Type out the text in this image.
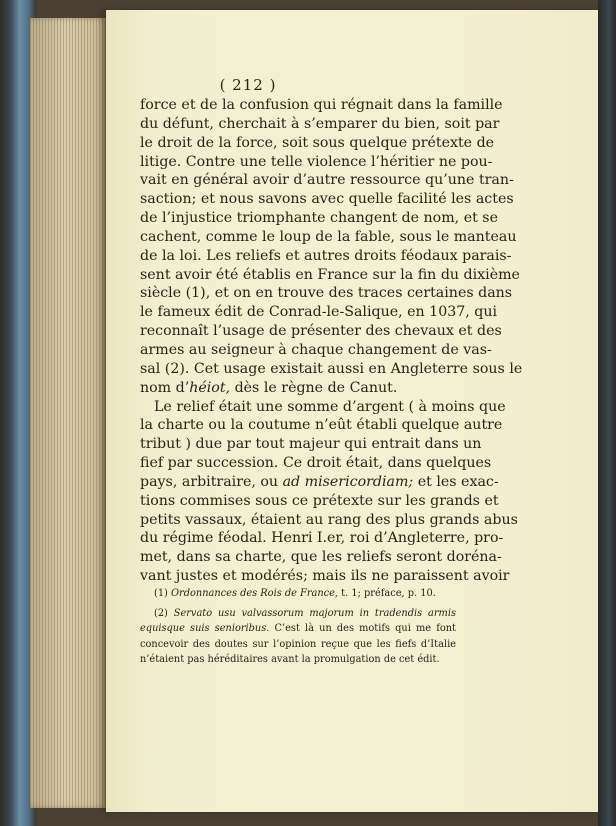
( 212 )
force et de la confusion qui régnait dans la famille
du défunt, cherchait à s’emparer du bien, soit par
le droit de la force, soit sous quelque prétexte de
litige. Contre une telle violence l’héritier ne pou-
vait en général avoir d’autre ressource qu’une tran-
saction; et nous savons avec quelle facilité les actes
de l’injustice triomphante changent de nom, et se
cachent, comme le loup de la fable, sous le manteau
de la loi. Les reliefs et autres droits féodaux parais-
sent avoir été établis en France sur la fin du dixième
siècle (1), et on en trouve des traces certaines dans
le fameux édit de Conrad-le-Salique, en 1037, qui
reconnaît l’usage de présenter des chevaux et des
armes au seigneur à chaque changement de vas-
sal (2). Cet usage existait aussi en Angleterre sous le
nom d’héiot, dès le règne de Canut.
Le relief était une somme d’argent ( à moins que
la charte ou la coutume n’eût établi quelque autre
tribut ) due par tout majeur qui entrait dans un
fief par succession. Ce droit était, dans quelques
pays, arbitraire, ou ad misericordiam; et les exac-
tions commises sous ce prétexte sur les grands et
petits vassaux, étaient au rang des plus grands abus
du régime féodal. Henri I.er, roi d’Angleterre, pro-
met, dans sa charte, que les reliefs seront doréna-
vant justes et modérés; mais ils ne paraissent avoir
(1) Ordonnances des Rois de France, t. 1; préface, p. 10.
(2) Servato usu valvassorum majorum in tradendis armis
equisque suis senioribus. C’est là un des motifs qui me font
concevoir des doutes sur l’opinion reçue que les fiefs d’Italie
n’étaient pas héréditaires avant la promulgation de cet édit.
